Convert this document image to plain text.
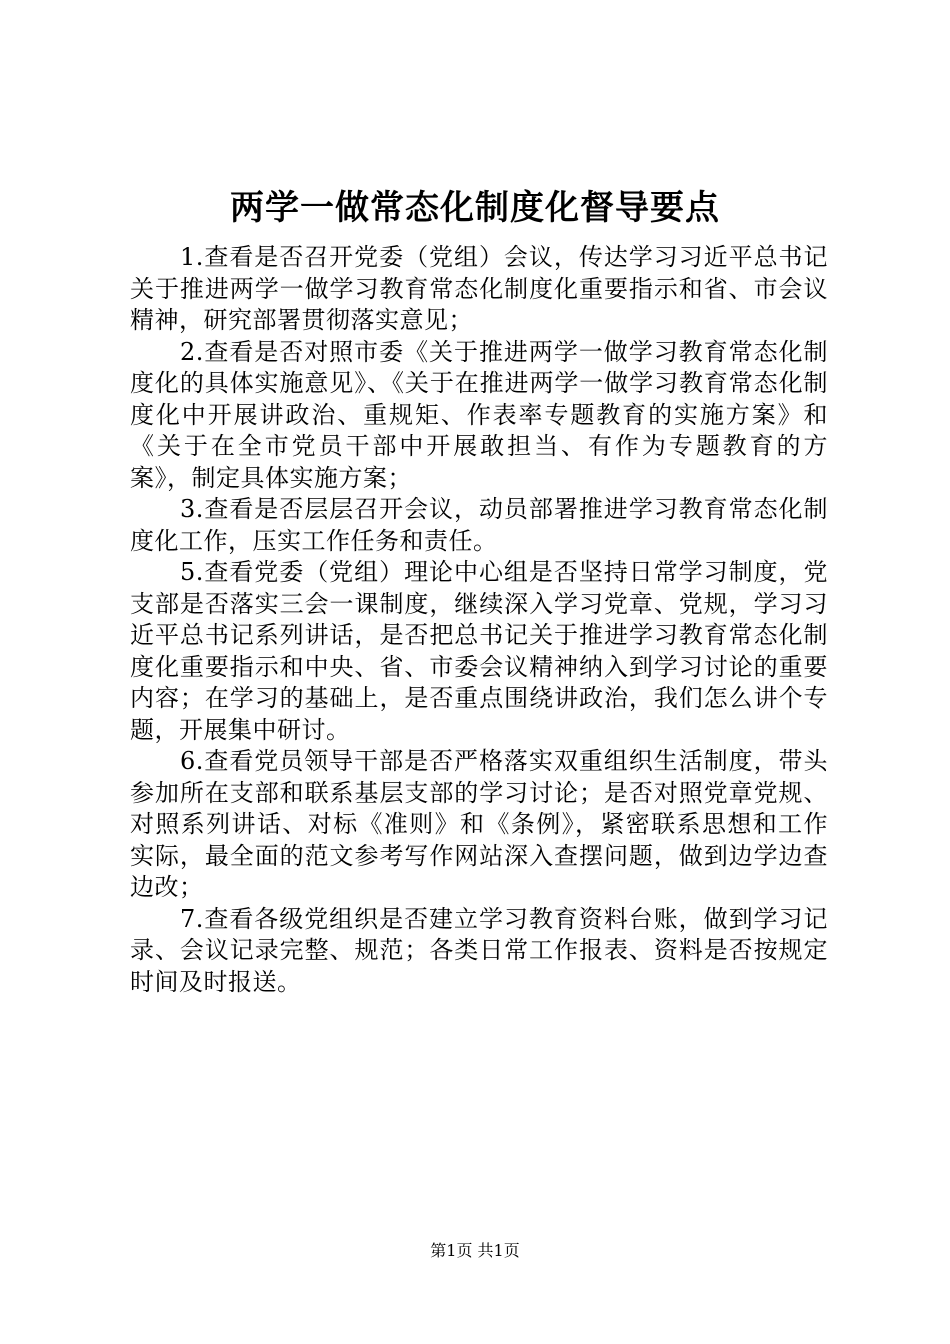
两学一做常态化制度化督导要点

1.查看是否召开党委（党组）会议，传达学习习近平总书记关于推进两学一做学习教育常态化制度化重要指示和省、市会议精神，研究部署贯彻落实意见；

2.查看是否对照市委《关于推进两学一做学习教育常态化制度化的具体实施意见》、《关于在推进两学一做学习教育常态化制度化中开展讲政治、重规矩、作表率专题教育的实施方案》和《关于在全市党员干部中开展敢担当、有作为专题教育的方案》，制定具体实施方案；

3.查看是否层层召开会议，动员部署推进学习教育常态化制度化工作，压实工作任务和责任。

5.查看党委（党组）理论中心组是否坚持日常学习制度，党支部是否落实三会一课制度，继续深入学习党章、党规，学习习近平总书记系列讲话，是否把总书记关于推进学习教育常态化制度化重要指示和中央、省、市委会议精神纳入到学习讨论的重要内容；在学习的基础上，是否重点围绕讲政治，我们怎么讲个专题，开展集中研讨。

6.查看党员领导干部是否严格落实双重组织生活制度，带头参加所在支部和联系基层支部的学习讨论；是否对照党章党规、对照系列讲话、对标《准则》和《条例》，紧密联系思想和工作实际，最全面的范文参考写作网站深入查摆问题，做到边学边查边改；

7.查看各级党组织是否建立学习教育资料台账，做到学习记录、会议记录完整、规范；各类日常工作报表、资料是否按规定时间及时报送。

第1页 共1页
